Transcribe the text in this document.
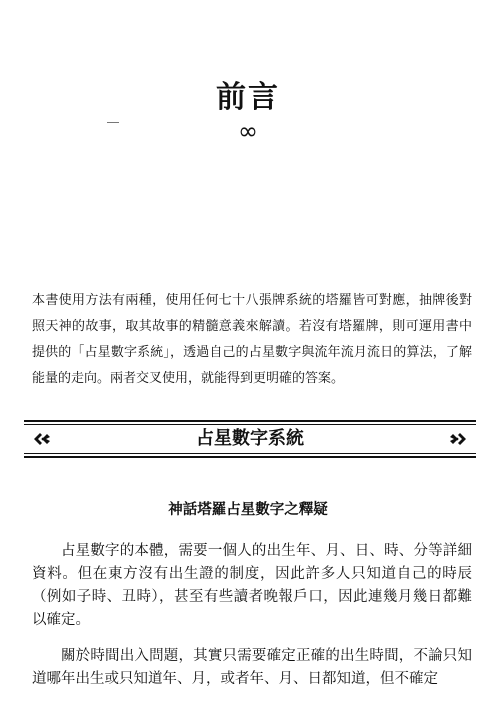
前言
∞
本書使用方法有兩種，使用任何七十八張牌系統的塔羅皆可對應，抽牌後對照天神的故事，取其故事的精髓意義來解讀。若沒有塔羅牌，則可運用書中提供的「占星數字系統」，透過自己的占星數字與流年流月流日的算法，了解能量的走向。兩者交叉使用，就能得到更明確的答案。
占星數字系統
神話塔羅占星數字之釋疑

占星數字的本體，需要一個人的出生年、月、日、時、分等詳細資料。但在東方沒有出生證的制度，因此許多人只知道自己的時辰（例如子時、丑時），甚至有些讀者晚報戶口，因此連幾月幾日都難以確定。

關於時間出入問題，其實只需要確定正確的出生時間，不論只知道哪年出生或只知道年、月，或者年、月、日都知道，但不確定
